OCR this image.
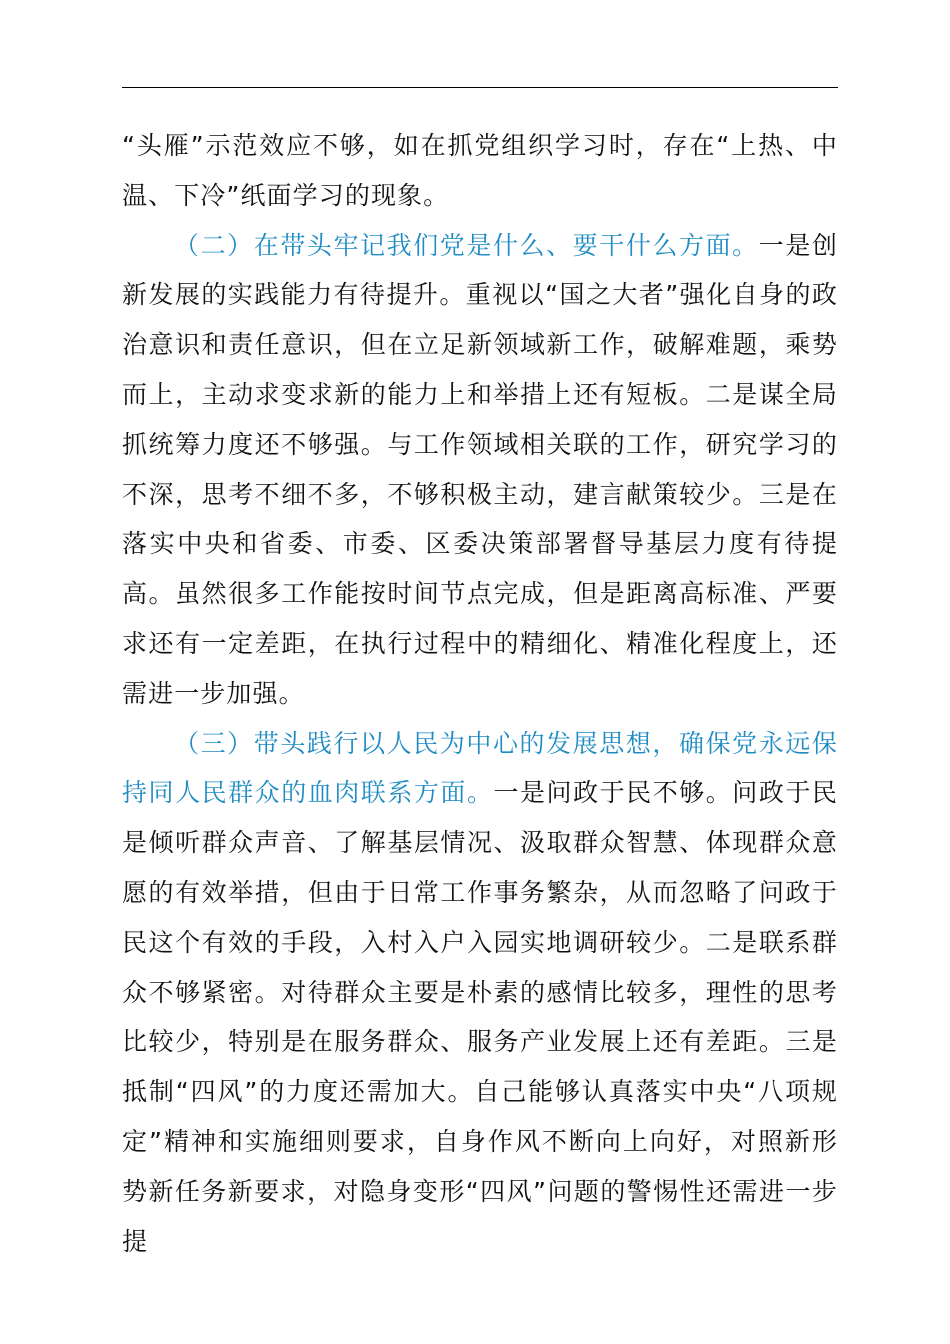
“头雁”示范效应不够，如在抓党组织学习时，存在“上热、中温、下冷”纸面学习的现象。

（二）在带头牢记我们党是什么、要干什么方面。一是创新发展的实践能力有待提升。重视以“国之大者”强化自身的政治意识和责任意识，但在立足新领域新工作，破解难题，乘势而上，主动求变求新的能力上和举措上还有短板。二是谋全局抓统筹力度还不够强。与工作领域相关联的工作，研究学习的不深，思考不细不多，不够积极主动，建言献策较少。三是在落实中央和省委、市委、区委决策部署督导基层力度有待提高。虽然很多工作能按时间节点完成，但是距离高标准、严要求还有一定差距，在执行过程中的精细化、精准化程度上，还需进一步加强。

（三）带头践行以人民为中心的发展思想，确保党永远保持同人民群众的血肉联系方面。一是问政于民不够。问政于民是倾听群众声音、了解基层情况、汲取群众智慧、体现群众意愿的有效举措，但由于日常工作事务繁杂，从而忽略了问政于民这个有效的手段，入村入户入园实地调研较少。二是联系群众不够紧密。对待群众主要是朴素的感情比较多，理性的思考比较少，特别是在服务群众、服务产业发展上还有差距。三是抵制“四风”的力度还需加大。自己能够认真落实中央“八项规定”精神和实施细则要求，自身作风不断向上向好，对照新形势新任务新要求，对隐身变形“四风”问题的警惕性还需进一步提
